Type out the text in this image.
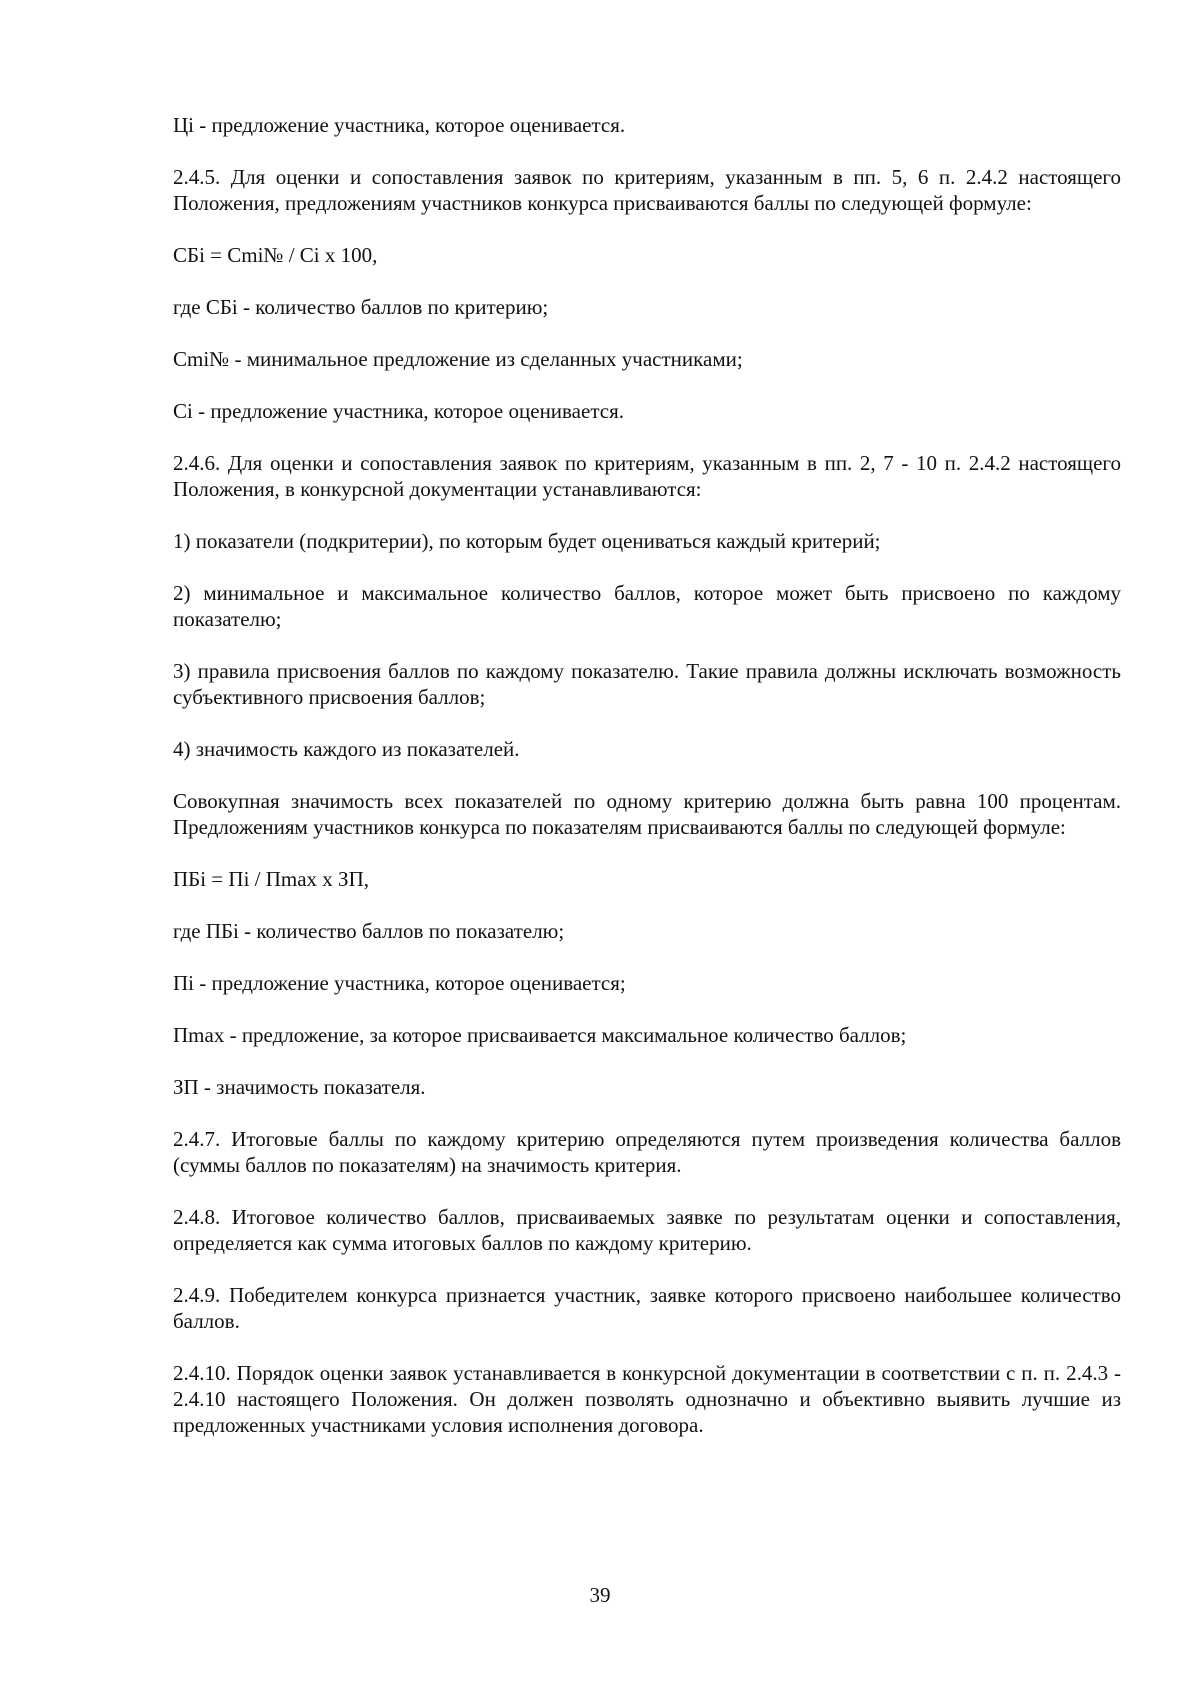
Цi - предложение участника, которое оценивается.

2.4.5. Для оценки и сопоставления заявок по критериям, указанным в пп. 5, 6 п. 2.4.2 настоящего Положения, предложениям участников конкурса присваиваются баллы по следующей формуле:

СБi = Cmi№ / Ci x 100,

где СБi - количество баллов по критерию;

Cmi№ - минимальное предложение из сделанных участниками;

Ci - предложение участника, которое оценивается.

2.4.6. Для оценки и сопоставления заявок по критериям, указанным в пп. 2, 7 - 10 п. 2.4.2 настоящего Положения, в конкурсной документации устанавливаются:

1) показатели (подкритерии), по которым будет оцениваться каждый критерий;

2) минимальное и максимальное количество баллов, которое может быть присвоено по каждому показателю;

3) правила присвоения баллов по каждому показателю. Такие правила должны исключать возможность субъективного присвоения баллов;

4) значимость каждого из показателей.

Совокупная значимость всех показателей по одному критерию должна быть равна 100 процентам. Предложениям участников конкурса по показателям присваиваются баллы по следующей формуле:

ПБi = Пi / Пmax x ЗП,

где ПБi - количество баллов по показателю;

Пi - предложение участника, которое оценивается;

Пmax - предложение, за которое присваивается максимальное количество баллов;

ЗП - значимость показателя.

2.4.7. Итоговые баллы по каждому критерию определяются путем произведения количества баллов (суммы баллов по показателям) на значимость критерия.

2.4.8. Итоговое количество баллов, присваиваемых заявке по результатам оценки и сопоставления, определяется как сумма итоговых баллов по каждому критерию.

2.4.9. Победителем конкурса признается участник, заявке которого присвоено наибольшее количество баллов.

2.4.10. Порядок оценки заявок устанавливается в конкурсной документации в соответствии с п. п. 2.4.3 - 2.4.10 настоящего Положения. Он должен позволять однозначно и объективно выявить лучшие из предложенных участниками условия исполнения договора.

39
